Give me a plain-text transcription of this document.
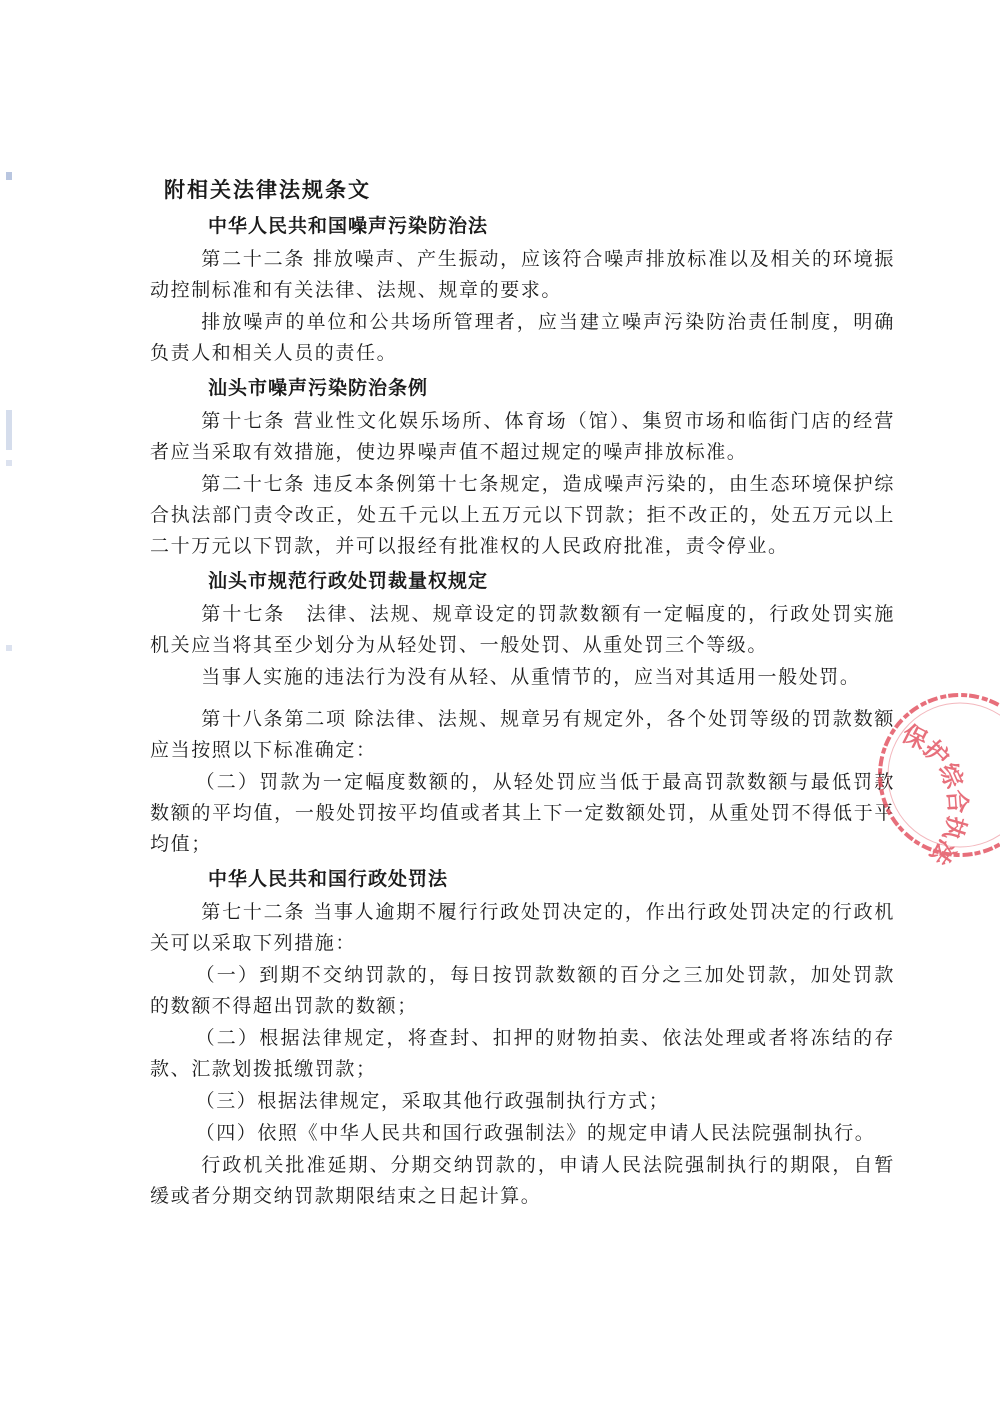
附相关法律法规条文
中华人民共和国噪声污染防治法

第二十二条 排放噪声、产生振动，应该符合噪声排放标准以及相关的环境振动控制标准和有关法律、法规、规章的要求。

排放噪声的单位和公共场所管理者，应当建立噪声污染防治责任制度，明确负责人和相关人员的责任。

汕头市噪声污染防治条例

第十七条 营业性文化娱乐场所、体育场（馆）、集贸市场和临街门店的经营者应当采取有效措施，使边界噪声值不超过规定的噪声排放标准。

第二十七条 违反本条例第十七条规定，造成噪声污染的，由生态环境保护综合执法部门责令改正，处五千元以上五万元以下罚款；拒不改正的，处五万元以上二十万元以下罚款，并可以报经有批准权的人民政府批准，责令停业。

汕头市规范行政处罚裁量权规定

第十七条　法律、法规、规章设定的罚款数额有一定幅度的，行政处罚实施机关应当将其至少划分为从轻处罚、一般处罚、从重处罚三个等级。

当事人实施的违法行为没有从轻、从重情节的，应当对其适用一般处罚。

第十八条第二项 除法律、法规、规章另有规定外，各个处罚等级的罚款数额应当按照以下标准确定：

（二）罚款为一定幅度数额的，从轻处罚应当低于最高罚款数额与最低罚款数额的平均值，一般处罚按平均值或者其上下一定数额处罚，从重处罚不得低于平均值；

中华人民共和国行政处罚法

第七十二条 当事人逾期不履行行政处罚决定的，作出行政处罚决定的行政机关可以采取下列措施：

（一）到期不交纳罚款的，每日按罚款数额的百分之三加处罚款，加处罚款的数额不得超出罚款的数额；

（二）根据法律规定，将查封、扣押的财物拍卖、依法处理或者将冻结的存款、汇款划拨抵缴罚款；

（三）根据法律规定，采取其他行政强制执行方式；

（四）依照《中华人民共和国行政强制法》的规定申请人民法院强制执行。

行政机关批准延期、分期交纳罚款的，申请人民法院强制执行的期限，自暂缓或者分期交纳罚款期限结束之日起计算。

保护综合执法
